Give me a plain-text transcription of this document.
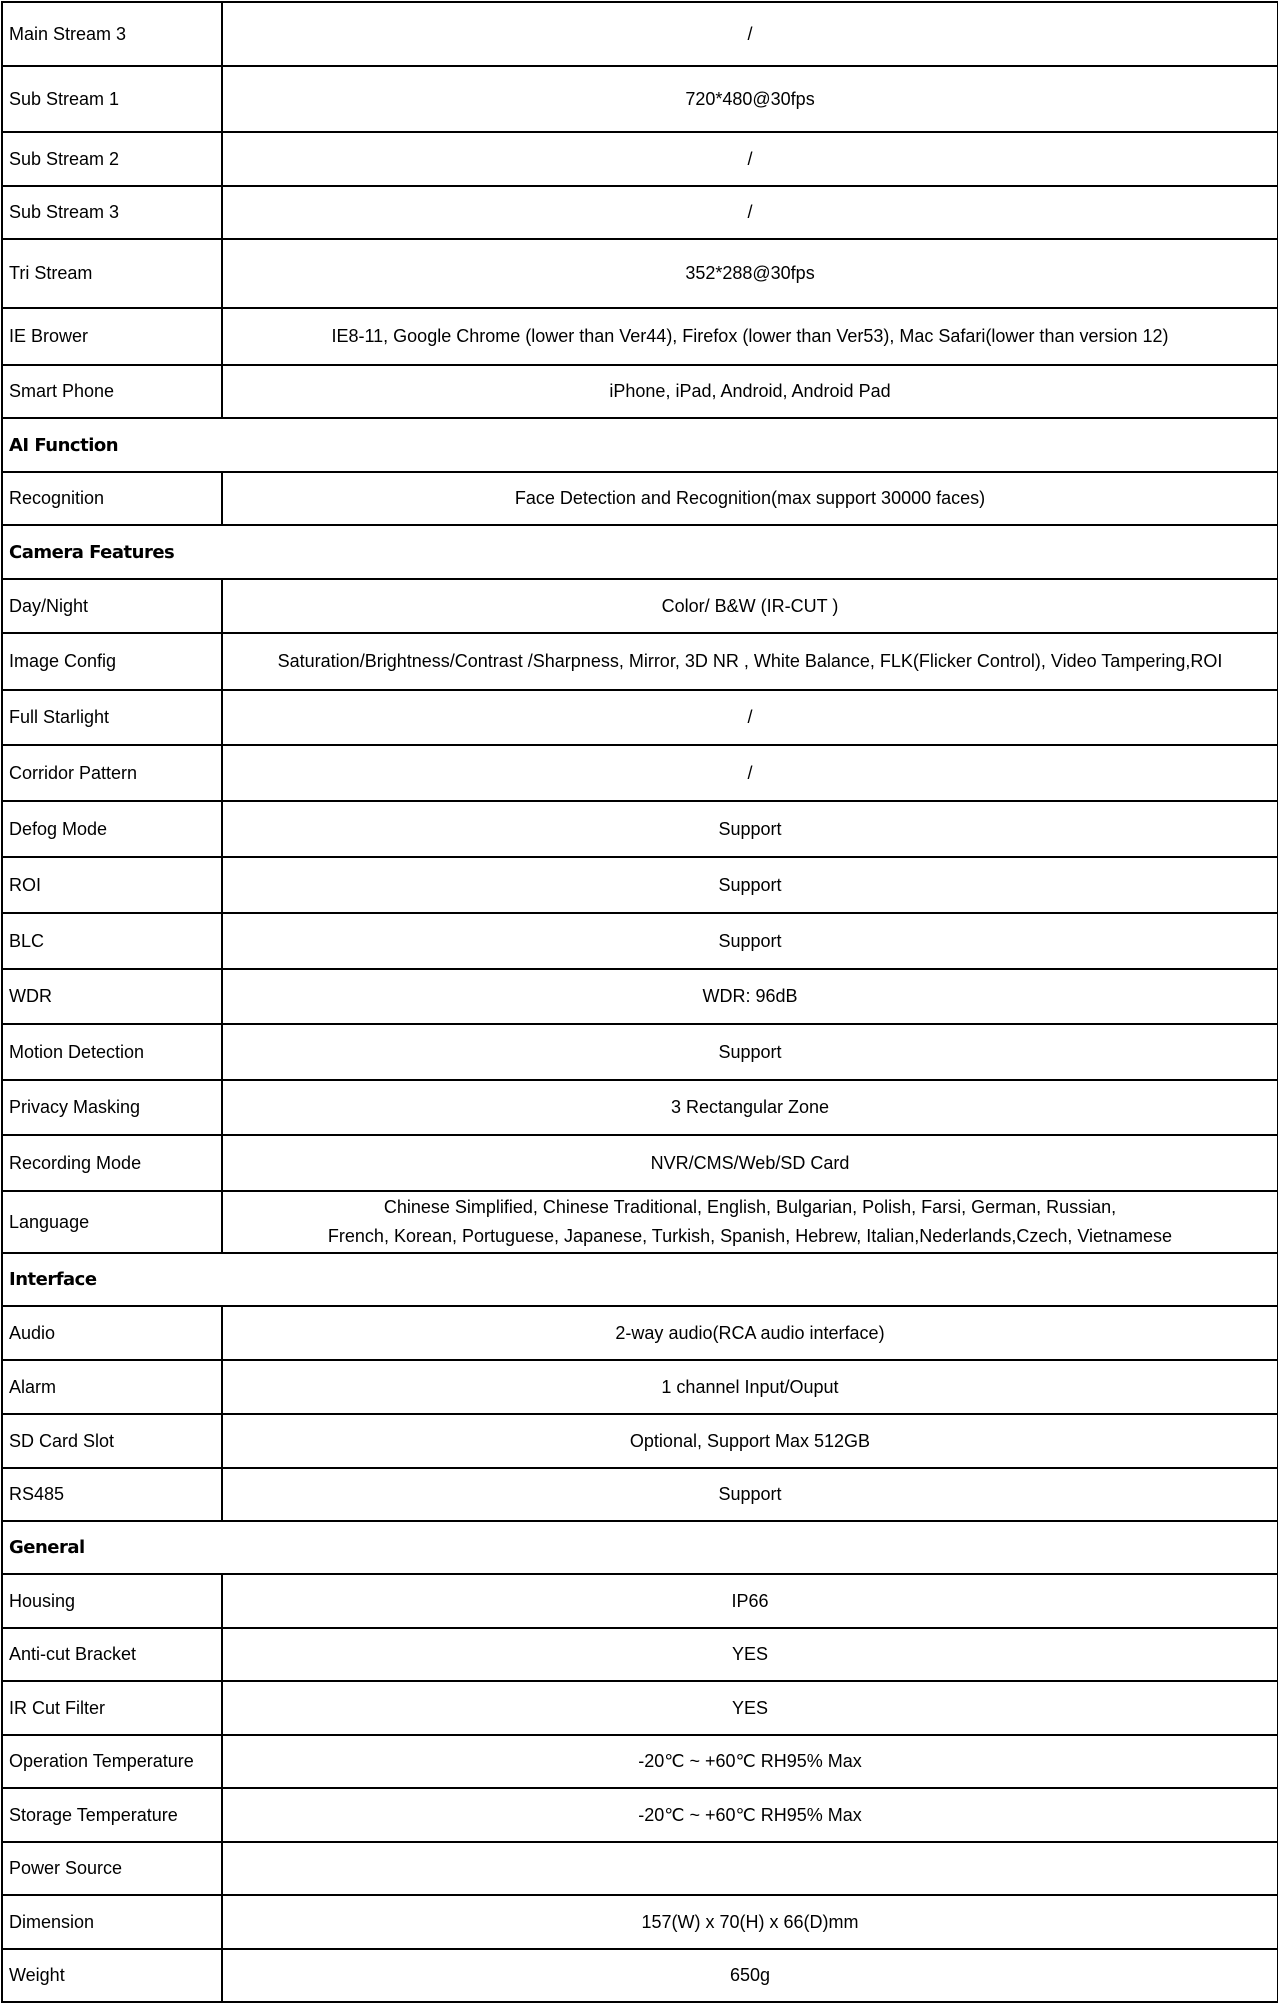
Main Stream 3	/
Sub Stream 1	720*480@30fps
Sub Stream 2	/
Sub Stream 3	/
Tri Stream	352*288@30fps
IE Brower	IE8-11, Google Chrome (lower than Ver44), Firefox (lower than Ver53), Mac Safari(lower than version 12)
Smart Phone	iPhone, iPad, Android, Android Pad
AI Function	
Recognition	Face Detection and Recognition(max support 30000 faces)
Camera Features	
Day/Night	Color/ B&W (IR-CUT )
Image Config	Saturation/Brightness/Contrast /Sharpness, Mirror, 3D NR , White Balance, FLK(Flicker Control), Video Tampering,ROI
Full Starlight	/
Corridor Pattern	/
Defog Mode	Support
ROI	Support
BLC	Support
WDR	WDR: 96dB
Motion Detection	Support
Privacy Masking	3 Rectangular Zone
Recording Mode	NVR/CMS/Web/SD Card
Language	Chinese Simplified, Chinese Traditional, English, Bulgarian, Polish, Farsi, German, Russian,
French, Korean, Portuguese, Japanese, Turkish, Spanish, Hebrew, Italian,Nederlands,Czech, Vietnamese

Interface	
Audio	2-way audio(RCA audio interface)
Alarm	1 channel Input/Ouput
SD Card Slot	Optional, Support Max 512GB
RS485	Support
General	
Housing	IP66
Anti-cut Bracket	YES
IR Cut Filter	YES
Operation Temperature	-20℃ ~ +60℃ RH95% Max
Storage Temperature	-20℃ ~ +60℃ RH95% Max
Power Source	
Dimension	157(W) x 70(H) x 66(D)mm
Weight	650g
